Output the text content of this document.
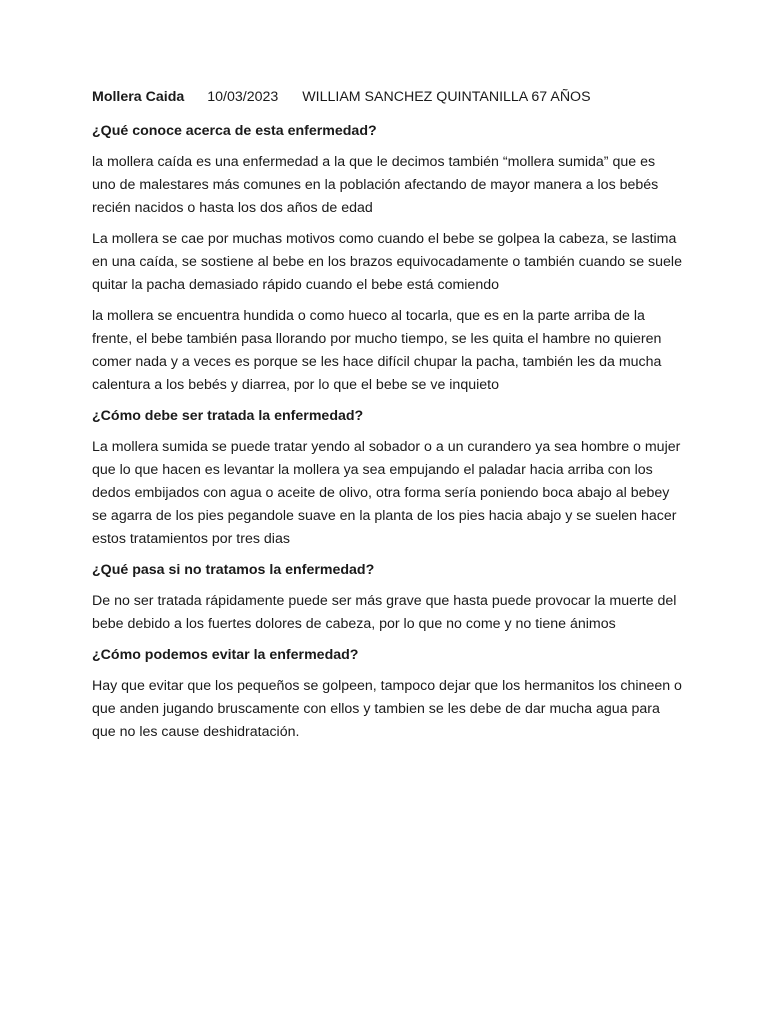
Mollera Caida 10/03/2023 WILLIAM SANCHEZ QUINTANILLA 67 AÑOS

¿Qué conoce acerca de esta enfermedad?

la mollera caída es una enfermedad a la que le decimos también “mollera sumida” que es uno de malestares más comunes en la población afectando de mayor manera a los bebés recién nacidos o hasta los dos años de edad

La mollera se cae por muchas motivos como cuando el bebe se golpea la cabeza, se lastima en una caída, se sostiene al bebe en los brazos equivocadamente o también cuando se suele quitar la pacha demasiado rápido cuando el bebe está comiendo

la mollera se encuentra hundida o como hueco al tocarla, que es en la parte arriba de la frente, el bebe también pasa llorando por mucho tiempo, se les quita el hambre no quieren comer nada y a veces es porque se les hace difícil chupar la pacha, también les da mucha calentura a los bebés y diarrea, por lo que el bebe se ve inquieto

¿Cómo debe ser tratada la enfermedad?

La mollera sumida se puede tratar yendo al sobador o a un curandero ya sea hombre o mujer que lo que hacen es levantar la mollera ya sea empujando el paladar hacia arriba con los dedos embijados con agua o aceite de olivo, otra forma sería poniendo boca abajo al bebey se agarra de los pies pegandole suave en la planta de los pies hacia abajo y se suelen hacer estos tratamientos por tres dias

¿Qué pasa si no tratamos la enfermedad?

De no ser tratada rápidamente puede ser más grave que hasta puede provocar la muerte del bebe debido a los fuertes dolores de cabeza, por lo que no come y no tiene ánimos

¿Cómo podemos evitar la enfermedad?

Hay que evitar que los pequeños se golpeen, tampoco dejar que los hermanitos los chineen o que anden jugando bruscamente con ellos y tambien se les debe de dar mucha agua para que no les cause deshidratación.
